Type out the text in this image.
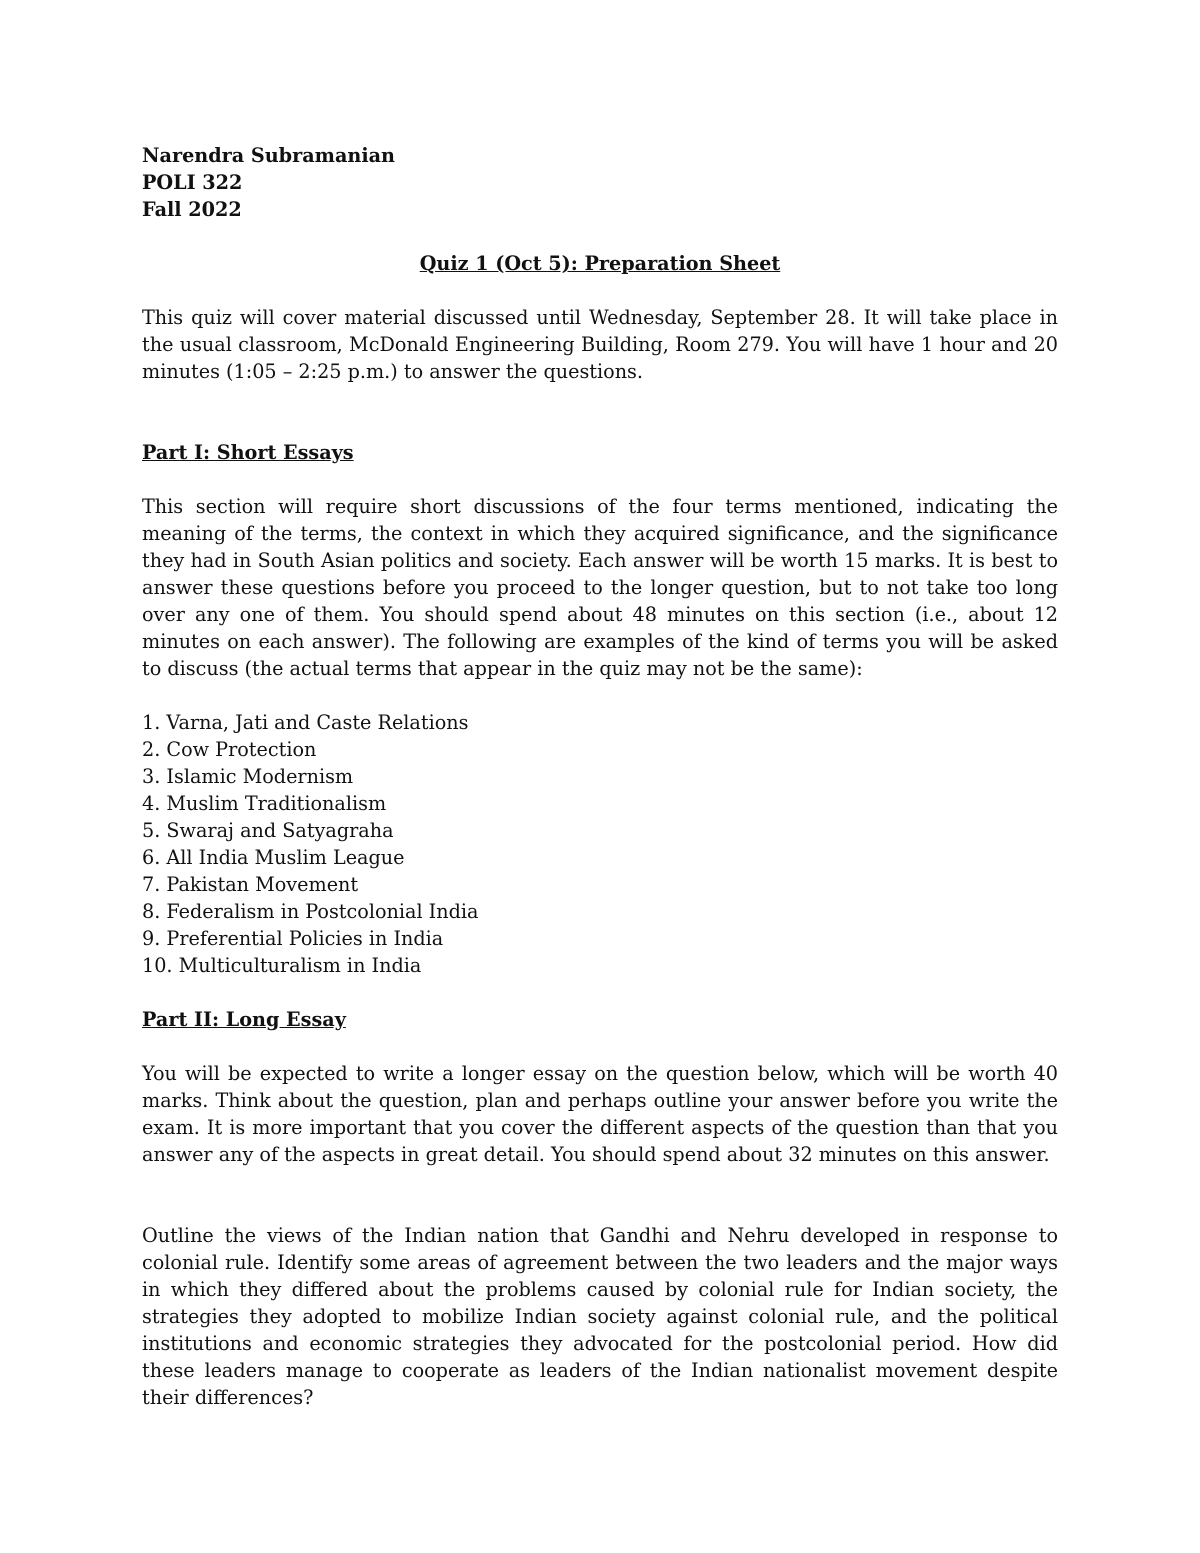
Narendra Subramanian
POLI 322
Fall 2022
Quiz 1 (Oct 5): Preparation Sheet

This quiz will cover material discussed until Wednesday, September 28. It will take place in the usual classroom, McDonald Engineering Building, Room 279. You will have 1 hour and 20 minutes (1:05 – 2:25 p.m.) to answer the questions.

Part I: Short Essays

This section will require short discussions of the four terms mentioned, indicating the meaning of the terms, the context in which they acquired significance, and the significance they had in South Asian politics and society. Each answer will be worth 15 marks. It is best to answer these questions before you proceed to the longer question, but to not take too long over any one of them. You should spend about 48 minutes on this section (i.e., about 12 minutes on each answer). The following are examples of the kind of terms you will be asked to discuss (the actual terms that appear in the quiz may not be the same):

1. Varna, Jati and Caste Relations
2. Cow Protection
3. Islamic Modernism
4. Muslim Traditionalism
5. Swaraj and Satyagraha
6. All India Muslim League
7. Pakistan Movement
8. Federalism in Postcolonial India
9. Preferential Policies in India
10. Multiculturalism in India
Part II: Long Essay

You will be expected to write a longer essay on the question below, which will be worth 40 marks. Think about the question, plan and perhaps outline your answer before you write the exam. It is more important that you cover the different aspects of the question than that you answer any of the aspects in great detail. You should spend about 32 minutes on this answer.

Outline the views of the Indian nation that Gandhi and Nehru developed in response to colonial rule. Identify some areas of agreement between the two leaders and the major ways in which they differed about the problems caused by colonial rule for Indian society, the strategies they adopted to mobilize Indian society against colonial rule, and the political institutions and economic strategies they advocated for the postcolonial period. How did these leaders manage to cooperate as leaders of the Indian nationalist movement despite their differences?
